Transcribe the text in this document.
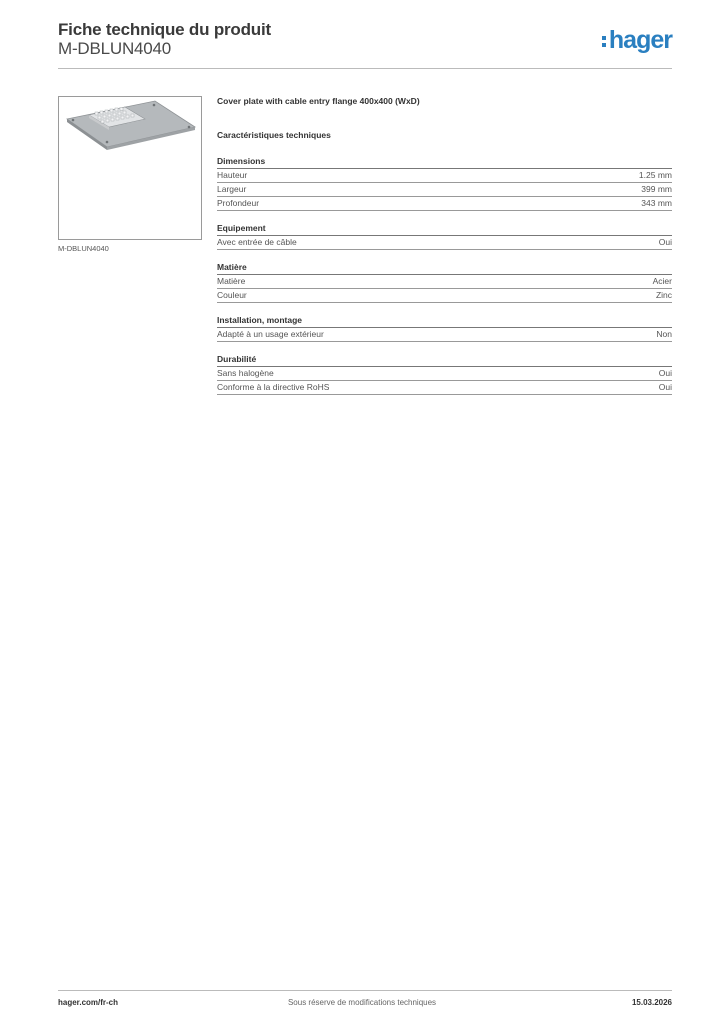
Fiche technique du produit
M-DBLUN4040	hager
M-DBLUN4040
Cover plate with cable entry flange 400x400 (WxD)
Caractéristiques techniques
Dimensions
Hauteur	1.25 mm
Largeur	399 mm
Profondeur	343 mm
Equipement
Avec entrée de câble	Oui
Matière
Matière	Acier
Couleur	Zinc
Installation, montage
Adapté à un usage extérieur	Non
Durabilité
Sans halogène	Oui
Conforme à la directive RoHS	Oui
hager.com/fr-ch	Sous réserve de modifications techniques	15.03.2026
